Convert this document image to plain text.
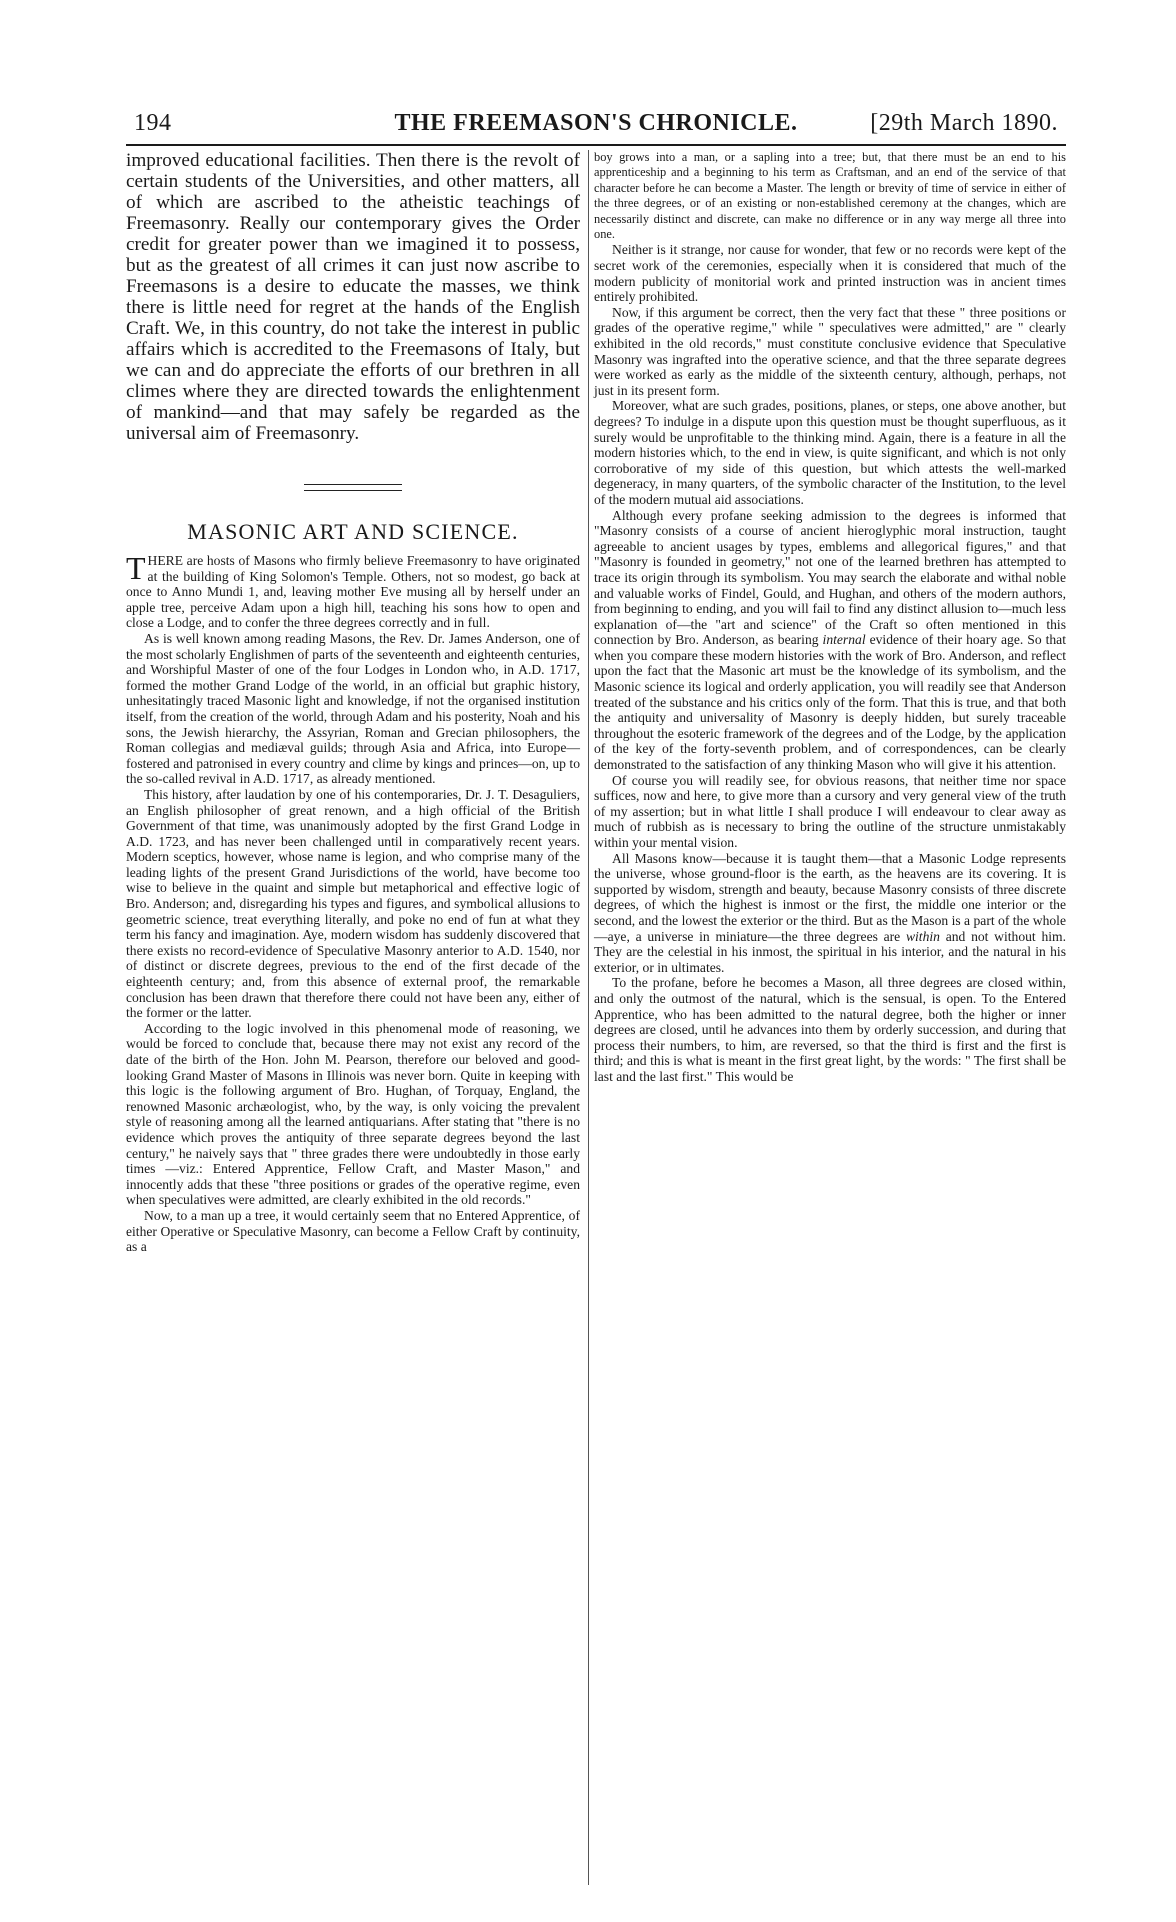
194	THE FREEMASON'S CHRONICLE.	[29th March 1890.

improved educational facilities. Then there is the revolt of certain students of the Universities, and other matters, all of which are ascribed to the atheistic teachings of Freemasonry. Really our contemporary gives the Order credit for greater power than we imagined it to possess, but as the greatest of all crimes it can just now ascribe to Freemasons is a desire to educate the masses, we think there is little need for regret at the hands of the English Craft. We, in this country, do not take the interest in public affairs which is accredited to the Freemasons of Italy, but we can and do appreciate the efforts of our brethren in all climes where they are directed towards the enlightenment of mankind—and that may safely be regarded as the universal aim of Freemasonry.

MASONIC ART AND SCIENCE.

THERE are hosts of Masons who firmly believe Freemasonry to have originated at the building of King Solomon's Temple. Others, not so modest, go back at once to Anno Mundi 1, and, leaving mother Eve musing all by herself under an apple tree, perceive Adam upon a high hill, teaching his sons how to open and close a Lodge, and to confer the three degrees correctly and in full.

As is well known among reading Masons, the Rev. Dr. James Anderson, one of the most scholarly Englishmen of parts of the seventeenth and eighteenth centuries, and Worshipful Master of one of the four Lodges in London who, in A.D. 1717, formed the mother Grand Lodge of the world, in an official but graphic history, unhesitatingly traced Masonic light and knowledge, if not the organised institution itself, from the creation of the world, through Adam and his posterity, Noah and his sons, the Jewish hierarchy, the Assyrian, Roman and Grecian philosophers, the Roman collegias and mediæval guilds; through Asia and Africa, into Europe—fostered and patronised in every country and clime by kings and princes—on, up to the so-called revival in A.D. 1717, as already mentioned.

This history, after laudation by one of his contemporaries, Dr. J. T. Desaguliers, an English philosopher of great renown, and a high official of the British Government of that time, was unanimously adopted by the first Grand Lodge in A.D. 1723, and has never been challenged until in comparatively recent years. Modern sceptics, however, whose name is legion, and who comprise many of the leading lights of the present Grand Jurisdictions of the world, have become too wise to believe in the quaint and simple but metaphorical and effective logic of Bro. Anderson; and, disregarding his types and figures, and symbolical allusions to geometric science, treat everything literally, and poke no end of fun at what they term his fancy and imagination. Aye, modern wisdom has suddenly discovered that there exists no record-evidence of Speculative Masonry anterior to A.D. 1540, nor of distinct or discrete degrees, previous to the end of the first decade of the eighteenth century; and, from this absence of external proof, the remarkable conclusion has been drawn that therefore there could not have been any, either of the former or the latter.

According to the logic involved in this phenomenal mode of reasoning, we would be forced to conclude that, because there may not exist any record of the date of the birth of the Hon. John M. Pearson, therefore our beloved and good-looking Grand Master of Masons in Illinois was never born. Quite in keeping with this logic is the following argument of Bro. Hughan, of Torquay, England, the renowned Masonic archæologist, who, by the way, is only voicing the prevalent style of reasoning among all the learned antiquarians. After stating that "there is no evidence which proves the antiquity of three separate degrees beyond the last century," he naively says that " three grades there were undoubtedly in those early times —viz.: Entered Apprentice, Fellow Craft, and Master Mason," and innocently adds that these "three positions or grades of the operative regime, even when speculatives were admitted, are clearly exhibited in the old records."

Now, to a man up a tree, it would certainly seem that no Entered Apprentice, of either Operative or Speculative Masonry, can become a Fellow Craft by continuity, as a

boy grows into a man, or a sapling into a tree; but, that there must be an end to his apprenticeship and a beginning to his term as Craftsman, and an end of the service of that character before he can become a Master. The length or brevity of time of service in either of the three degrees, or of an existing or non-established ceremony at the changes, which are necessarily distinct and discrete, can make no difference or in any way merge all three into one.

Neither is it strange, nor cause for wonder, that few or no records were kept of the secret work of the ceremonies, especially when it is considered that much of the modern publicity of monitorial work and printed instruction was in ancient times entirely prohibited.

Now, if this argument be correct, then the very fact that these " three positions or grades of the operative regime," while " speculatives were admitted," are " clearly exhibited in the old records," must constitute conclusive evidence that Speculative Masonry was ingrafted into the operative science, and that the three separate degrees were worked as early as the middle of the sixteenth century, although, perhaps, not just in its present form.

Moreover, what are such grades, positions, planes, or steps, one above another, but degrees? To indulge in a dispute upon this question must be thought superfluous, as it surely would be unprofitable to the thinking mind. Again, there is a feature in all the modern histories which, to the end in view, is quite significant, and which is not only corroborative of my side of this question, but which attests the well-marked degeneracy, in many quarters, of the symbolic character of the Institution, to the level of the modern mutual aid associations.

Although every profane seeking admission to the degrees is informed that "Masonry consists of a course of ancient hieroglyphic moral instruction, taught agreeable to ancient usages by types, emblems and allegorical figures," and that "Masonry is founded in geometry," not one of the learned brethren has attempted to trace its origin through its symbolism. You may search the elaborate and withal noble and valuable works of Findel, Gould, and Hughan, and others of the modern authors, from beginning to ending, and you will fail to find any distinct allusion to—much less explanation of—the "art and science" of the Craft so often mentioned in this connection by Bro. Anderson, as bearing internal evidence of their hoary age. So that when you compare these modern histories with the work of Bro. Anderson, and reflect upon the fact that the Masonic art must be the knowledge of its symbolism, and the Masonic science its logical and orderly application, you will readily see that Anderson treated of the substance and his critics only of the form. That this is true, and that both the antiquity and universality of Masonry is deeply hidden, but surely traceable throughout the esoteric framework of the degrees and of the Lodge, by the application of the key of the forty-seventh problem, and of correspondences, can be clearly demonstrated to the satisfaction of any thinking Mason who will give it his attention.

Of course you will readily see, for obvious reasons, that neither time nor space suffices, now and here, to give more than a cursory and very general view of the truth of my assertion; but in what little I shall produce I will endeavour to clear away as much of rubbish as is necessary to bring the outline of the structure unmistakably within your mental vision.

All Masons know—because it is taught them—that a Masonic Lodge represents the universe, whose ground-floor is the earth, as the heavens are its covering. It is supported by wisdom, strength and beauty, because Masonry consists of three discrete degrees, of which the highest is inmost or the first, the middle one interior or the second, and the lowest the exterior or the third. But as the Mason is a part of the whole—aye, a universe in miniature—the three degrees are within and not without him. They are the celestial in his inmost, the spiritual in his interior, and the natural in his exterior, or in ultimates.

To the profane, before he becomes a Mason, all three degrees are closed within, and only the outmost of the natural, which is the sensual, is open. To the Entered Apprentice, who has been admitted to the natural degree, both the higher or inner degrees are closed, until he advances into them by orderly succession, and during that process their numbers, to him, are reversed, so that the third is first and the first is third; and this is what is meant in the first great light, by the words: " The first shall be last and the last first." This would be
